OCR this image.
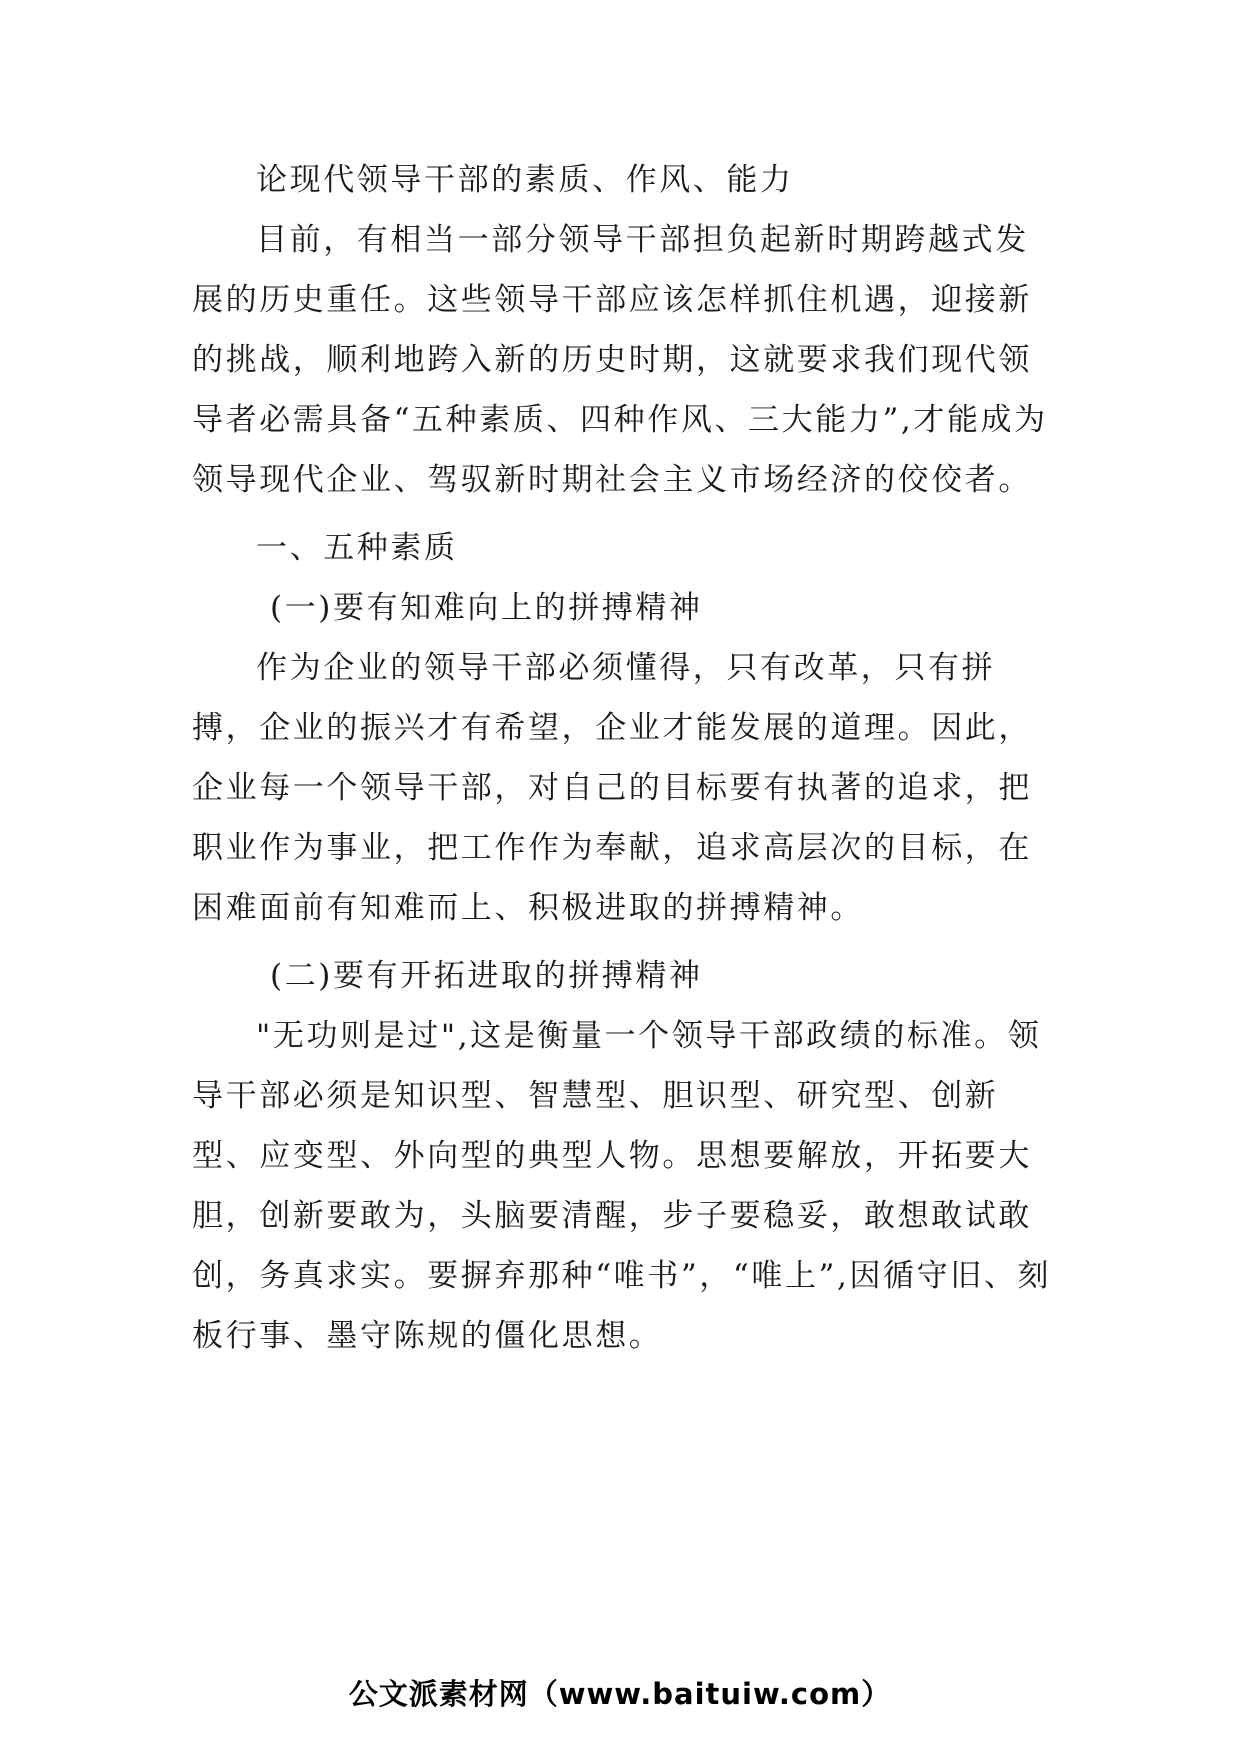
论现代领导干部的素质、作风、能力

目前，有相当一部分领导干部担负起新时期跨越式发展的历史重任。这些领导干部应该怎样抓住机遇，迎接新的挑战，顺利地跨入新的历史时期，这就要求我们现代领导者必需具备“五种素质、四种作风、三大能力”,才能成为领导现代企业、驾驭新时期社会主义市场经济的佼佼者。

一、五种素质

(一)要有知难向上的拼搏精神

作为企业的领导干部必须懂得，只有改革，只有拼搏，企业的振兴才有希望，企业才能发展的道理。因此，企业每一个领导干部，对自己的目标要有执著的追求，把职业作为事业，把工作作为奉献，追求高层次的目标，在困难面前有知难而上、积极进取的拼搏精神。

(二)要有开拓进取的拼搏精神

"无功则是过",这是衡量一个领导干部政绩的标准。领导干部必须是知识型、智慧型、胆识型、研究型、创新型、应变型、外向型的典型人物。思想要解放，开拓要大胆，创新要敢为，头脑要清醒，步子要稳妥，敢想敢试敢创，务真求实。要摒弃那种“唯书”，“唯上”,因循守旧、刻板行事、墨守陈规的僵化思想。

公文派素材网（www.baituiw.com）
